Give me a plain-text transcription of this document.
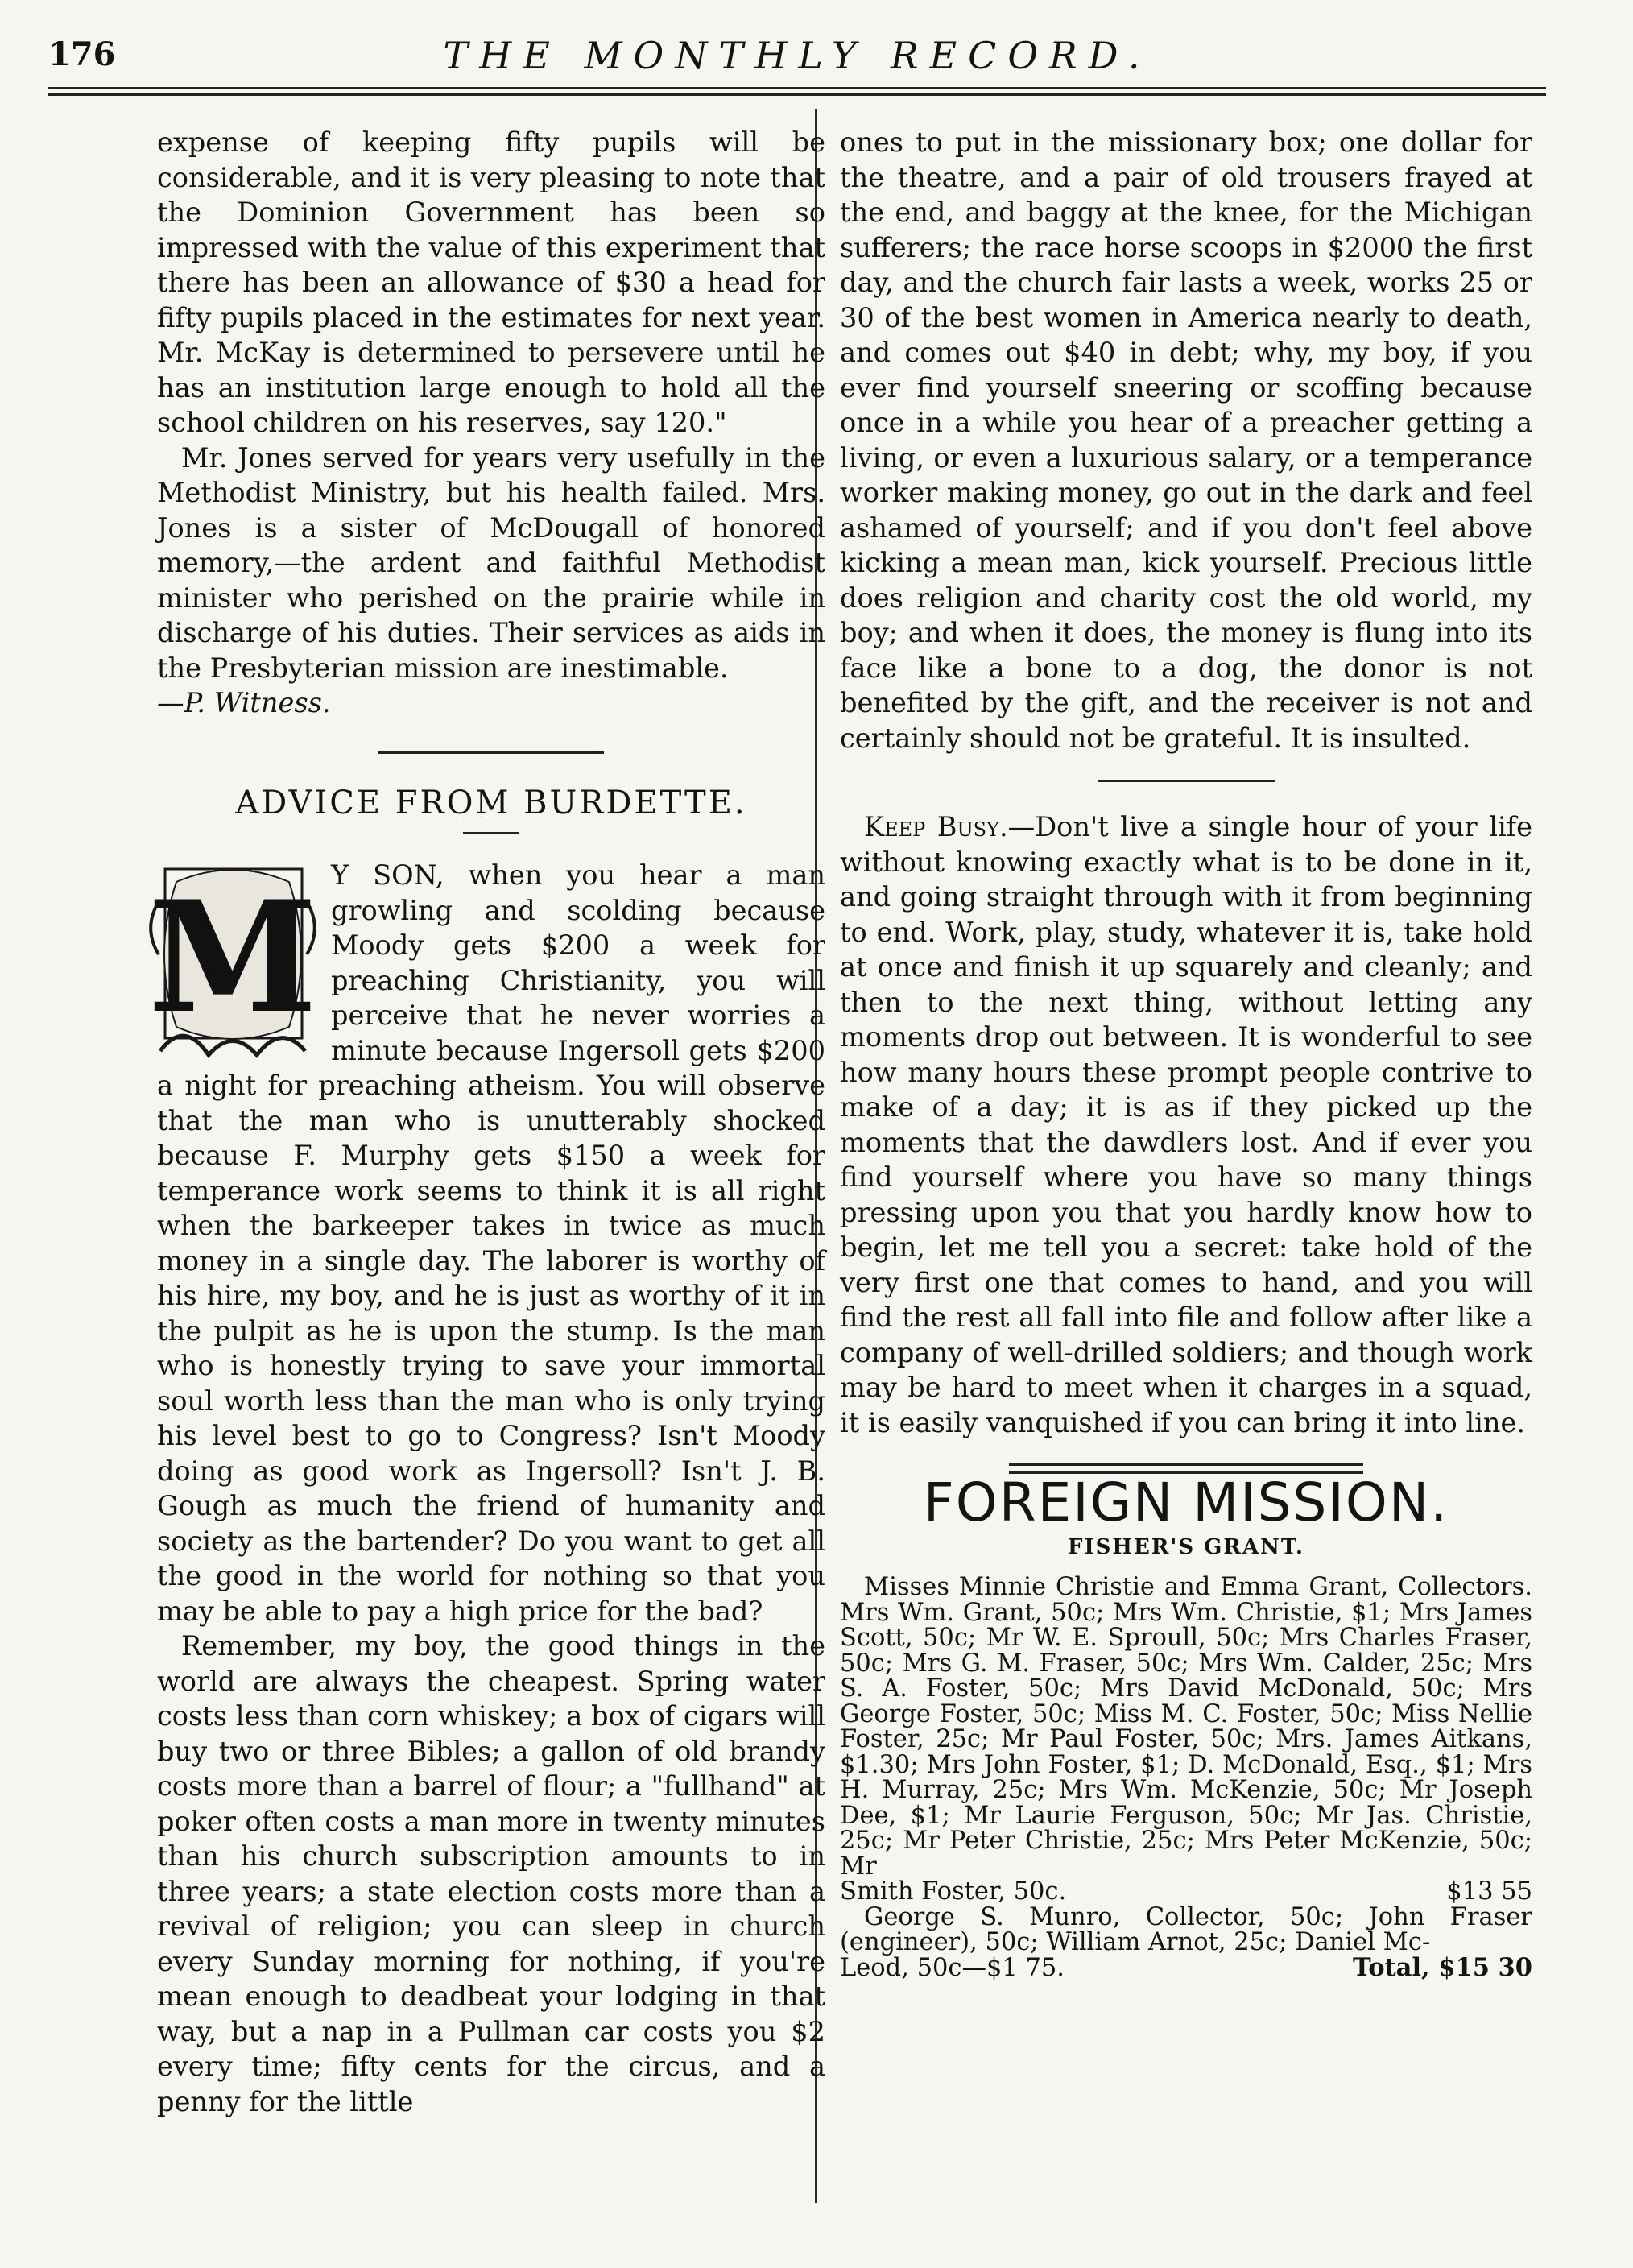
176	THE MONTHLY RECORD.

expense of keeping fifty pupils will be considerable, and it is very pleasing to note that the Dominion Government has been so impressed with the value of this experiment that there has been an allowance of $30 a head for fifty pupils placed in the estimates for next year. Mr. McKay is determined to persevere until he has an institution large enough to hold all the school children on his reserves, say 120."

Mr. Jones served for years very usefully in the Methodist Ministry, but his health failed. Mrs. Jones is a sister of McDougall of honored memory,—the ardent and faithful Methodist minister who perished on the prairie while in discharge of his duties. Their services as aids in the Presbyterian mission are inestimable.

—P. Witness.

ADVICE FROM BURDETTE.
M Y SON, when you hear a man growling and scolding because Moody gets $200 a week for preaching Christianity, you will perceive that he never worries a minute because Ingersoll gets $200 a night for preaching atheism. You will observe that the man who is unutterably shocked because F. Murphy gets $150 a week for temperance work seems to think it is all right when the barkeeper takes in twice as much money in a single day. The laborer is worthy of his hire, my boy, and he is just as worthy of it in the pulpit as he is upon the stump. Is the man who is honestly trying to save your immortal soul worth less than the man who is only trying his level best to go to Congress? Isn't Moody doing as good work as Ingersoll? Isn't J. B. Gough as much the friend of humanity and society as the bartender? Do you want to get all the good in the world for nothing so that you may be able to pay a high price for the bad?

Remember, my boy, the good things in the world are always the cheapest. Spring water costs less than corn whiskey; a box of cigars will buy two or three Bibles; a gallon of old brandy costs more than a barrel of flour; a "fullhand" at poker often costs a man more in twenty minutes than his church subscription amounts to in three years; a state election costs more than a revival of religion; you can sleep in church every Sunday morning for nothing, if you're mean enough to deadbeat your lodging in that way, but a nap in a Pullman car costs you $2 every time; fifty cents for the circus, and a penny for the little

ones to put in the missionary box; one dollar for the theatre, and a pair of old trousers frayed at the end, and baggy at the knee, for the Michigan sufferers; the race horse scoops in $2000 the first day, and the church fair lasts a week, works 25 or 30 of the best women in America nearly to death, and comes out $40 in debt; why, my boy, if you ever find yourself sneering or scoffing because once in a while you hear of a preacher getting a living, or even a luxurious salary, or a temperance worker making money, go out in the dark and feel ashamed of yourself; and if you don't feel above kicking a mean man, kick yourself. Precious little does religion and charity cost the old world, my boy; and when it does, the money is flung into its face like a bone to a dog, the donor is not benefited by the gift, and the receiver is not and certainly should not be grateful. It is insulted.

Keep Busy.—Don't live a single hour of your life without knowing exactly what is to be done in it, and going straight through with it from beginning to end. Work, play, study, whatever it is, take hold at once and finish it up squarely and cleanly; and then to the next thing, without letting any moments drop out between. It is wonderful to see how many hours these prompt people contrive to make of a day; it is as if they picked up the moments that the dawdlers lost. And if ever you find yourself where you have so many things pressing upon you that you hardly know how to begin, let me tell you a secret: take hold of the very first one that comes to hand, and you will find the rest all fall into file and follow after like a company of well-drilled soldiers; and though work may be hard to meet when it charges in a squad, it is easily vanquished if you can bring it into line.

FOREIGN MISSION.
FISHER'S GRANT.

Misses Minnie Christie and Emma Grant, Collectors. Mrs Wm. Grant, 50c; Mrs Wm. Christie, $1; Mrs James Scott, 50c; Mr W. E. Sproull, 50c; Mrs Charles Fraser, 50c; Mrs G. M. Fraser, 50c; Mrs Wm. Calder, 25c; Mrs S. A. Foster, 50c; Mrs David McDonald, 50c; Mrs George Foster, 50c; Miss M. C. Foster, 50c; Miss Nellie Foster, 25c; Mr Paul Foster, 50c; Mrs. James Aitkans, $1.30; Mrs John Foster, $1; D. McDonald, Esq., $1; Mrs H. Murray, 25c; Mrs Wm. McKenzie, 50c; Mr Joseph Dee, $1; Mr Laurie Ferguson, 50c; Mr Jas. Christie, 25c; Mr Peter Christie, 25c; Mrs Peter McKenzie, 50c; Mr

Smith Foster, 50c.	$13 55

George S. Munro, Collector, 50c; John Fraser (engineer), 50c; William Arnot, 25c; Daniel Mc-

Leod, 50c—$1 75.	Total, $15 30
